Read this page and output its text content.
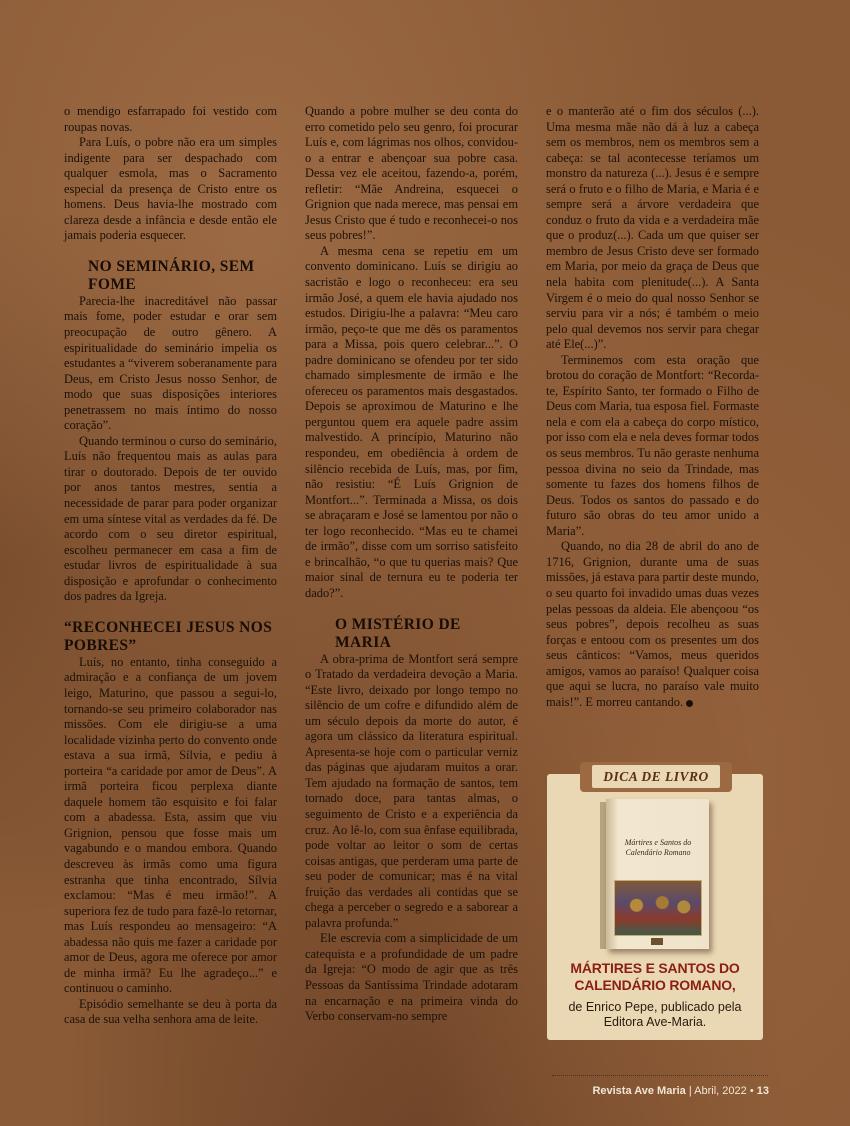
o mendigo esfarrapado foi vestido com roupas novas.

Para Luís, o pobre não era um simples indigente para ser despachado com qualquer esmola, mas o Sacramento especial da presença de Cristo entre os homens. Deus havia-lhe mostrado com clareza desde a infância e desde então ele jamais poderia esquecer.

NO SEMINÁRIO, SEM FOME

Parecia-lhe inacreditável não passar mais fome, poder estudar e orar sem preocupação de outro gênero. A espiritualidade do seminário impelia os estudantes a “viverem soberanamente para Deus, em Cristo Jesus nosso Senhor, de modo que suas disposições interiores penetrassem no mais íntimo do nosso coração”.

Quando terminou o curso do seminário, Luís não frequentou mais as aulas para tirar o doutorado. Depois de ter ouvido por anos tantos mestres, sentia a necessidade de parar para poder organizar em uma síntese vital as verdades da fé. De acordo com o seu diretor espiritual, escolheu permanecer em casa a fim de estudar livros de espiritualidade à sua disposição e aprofundar o conhecimento dos padres da Igreja.

“RECONHECEI JESUS NOS POBRES”

Luís, no entanto, tinha conseguido a admiração e a confiança de um jovem leigo, Maturino, que passou a segui-lo, tornando-se seu primeiro colaborador nas missões. Com ele dirigiu-se a uma localidade vizinha perto do convento onde estava a sua irmã, Sílvia, e pediu à porteira “a caridade por amor de Deus”. A irmã porteira ficou perplexa diante daquele homem tão esquisito e foi falar com a abadessa. Esta, assim que viu Grignion, pensou que fosse mais um vagabundo e o mandou embora. Quando descreveu às irmãs como uma figura estranha que tinha encontrado, Sílvia exclamou: “Mas é meu irmão!”. A superiora fez de tudo para fazê-lo retornar, mas Luís respondeu ao mensageiro: “A abadessa não quis me fazer a caridade por amor de Deus, agora me oferece por amor de minha irmã? Eu lhe agradeço...” e continuou o caminho.

Episódio semelhante se deu à porta da casa de sua velha senhora ama de leite.

Quando a pobre mulher se deu conta do erro cometido pelo seu genro, foi procurar Luís e, com lágrimas nos olhos, convidou-o a entrar e abençoar sua pobre casa. Dessa vez ele aceitou, fazendo-a, porém, refletir: “Mãe Andreina, esquecei o Grignion que nada merece, mas pensai em Jesus Cristo que é tudo e reconhecei-o nos seus pobres!”.

A mesma cena se repetiu em um convento dominicano. Luís se dirigiu ao sacristão e logo o reconheceu: era seu irmão José, a quem ele havia ajudado nos estudos. Dirigiu-lhe a palavra: “Meu caro irmão, peço-te que me dês os paramentos para a Missa, pois quero celebrar...”. O padre dominicano se ofendeu por ter sido chamado simplesmente de irmão e lhe ofereceu os paramentos mais desgastados. Depois se aproximou de Maturino e lhe perguntou quem era aquele padre assim malvestido. A princípio, Maturino não respondeu, em obediência à ordem de silêncio recebida de Luís, mas, por fim, não resistiu: “É Luís Grignion de Montfort...”. Terminada a Missa, os dois se abraçaram e José se lamentou por não o ter logo reconhecido. “Mas eu te chamei de irmão”, disse com um sorriso satisfeito e brincalhão, “o que tu querias mais? Que maior sinal de ternura eu te poderia ter dado?”.

O MISTÉRIO DE MARIA

A obra-prima de Montfort será sempre o Tratado da verdadeira devoção a Maria. “Este livro, deixado por longo tempo no silêncio de um cofre e difundido além de um século depois da morte do autor, é agora um clássico da literatura espiritual. Apresenta-se hoje com o particular verniz das páginas que ajudaram muitos a orar. Tem ajudado na formação de santos, tem tornado doce, para tantas almas, o seguimento de Cristo e a experiência da cruz. Ao lê-lo, com sua ênfase equilibrada, pode voltar ao leitor o som de certas coisas antigas, que perderam uma parte de seu poder de comunicar; mas é na vital fruição das verdades ali contidas que se chega a perceber o segredo e a saborear a palavra profunda.”

Ele escrevia com a simplicidade de um catequista e a profundidade de um padre da Igreja: “O modo de agir que as três Pessoas da Santíssima Trindade adotaram na encarnação e na primeira vinda do Verbo conservam-no sempre

e o manterão até o fim dos séculos (...). Uma mesma mãe não dá à luz a cabeça sem os membros, nem os membros sem a cabeça: se tal acontecesse teríamos um monstro da natureza (...). Jesus é e sempre será o fruto e o filho de Maria, e Maria é e sempre será a árvore verdadeira que conduz o fruto da vida e a verdadeira mãe que o produz(...). Cada um que quiser ser membro de Jesus Cristo deve ser formado em Maria, por meio da graça de Deus que nela habita com plenitude(...). A Santa Virgem é o meio do qual nosso Senhor se serviu para vir a nós; é também o meio pelo qual devemos nos servir para chegar até Ele(...)”.

Terminemos com esta oração que brotou do coração de Montfort: “Recorda-te, Espírito Santo, ter formado o Filho de Deus com Maria, tua esposa fiel. Formaste nela e com ela a cabeça do corpo místico, por isso com ela e nela deves formar todos os seus membros. Tu não geraste nenhuma pessoa divina no seio da Trindade, mas somente tu fazes dos homens filhos de Deus. Todos os santos do passado e do futuro são obras do teu amor unido a Maria”.

Quando, no dia 28 de abril do ano de 1716, Grignion, durante uma de suas missões, já estava para partir deste mundo, o seu quarto foi invadido umas duas vezes pelas pessoas da aldeia. Ele abençoou “os seus pobres”, depois recolheu as suas forças e entoou com os presentes um dos seus cânticos: “Vamos, meus queridos amigos, vamos ao paraíso! Qualquer coisa que aqui se lucra, no paraíso vale muito mais!”. E morreu cantando.

DICA DE LIVRO
Mártires e Santos do Calendário Romano
MÁRTIRES E SANTOS DO CALENDÁRIO ROMANO,
de Enrico Pepe, publicado pela Editora Ave-Maria.
Revista Ave Maria | Abril, 2022 • 13
